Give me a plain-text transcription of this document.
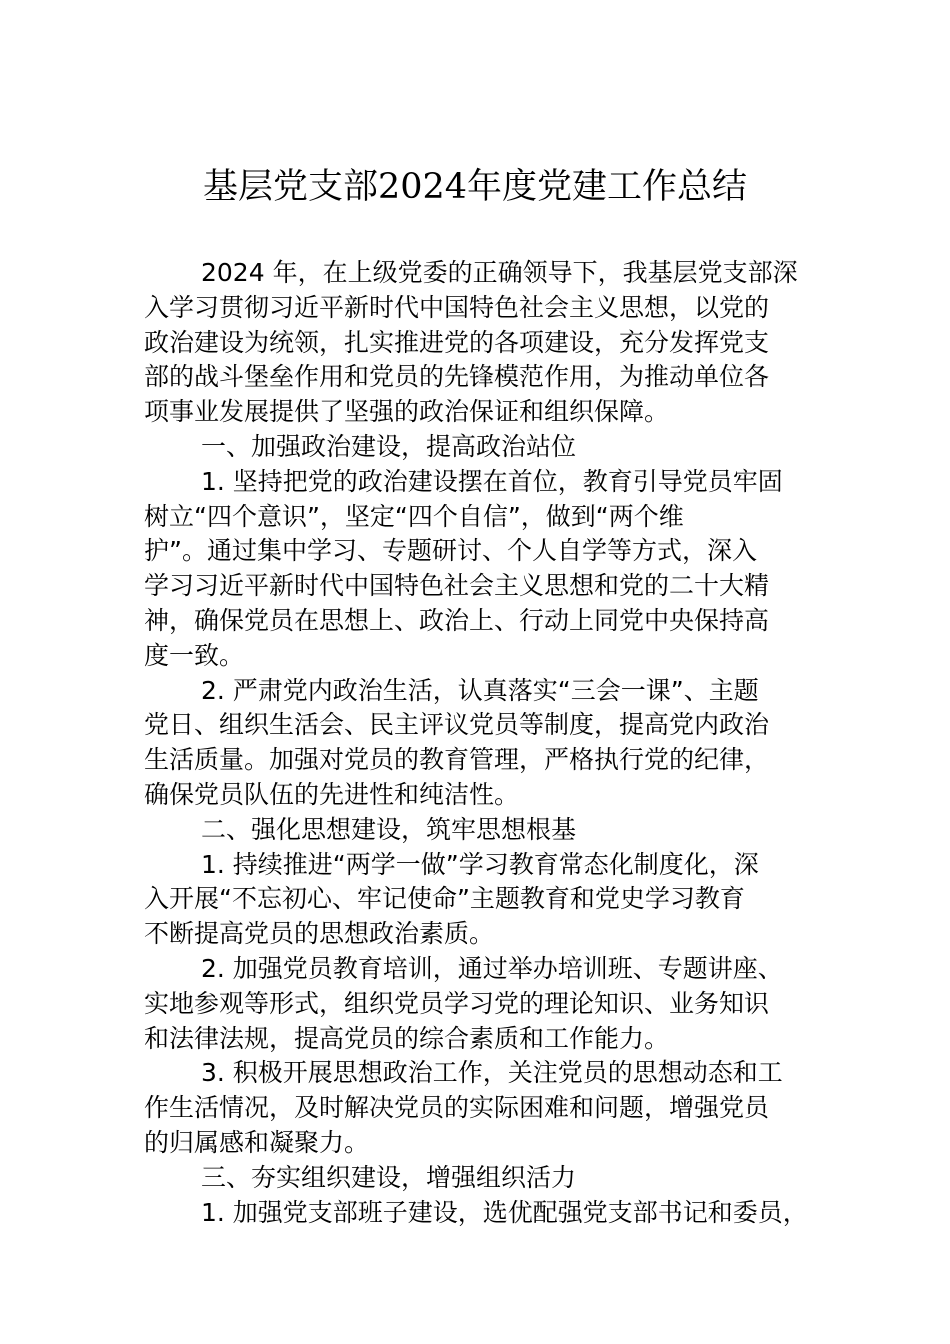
基层党支部2024年度党建工作总结
2024 年，在上级党委的正确领导下，我基层党支部深
入学习贯彻习近平新时代中国特色社会主义思想，以党的
政治建设为统领，扎实推进党的各项建设，充分发挥党支
部的战斗堡垒作用和党员的先锋模范作用，为推动单位各
项事业发展提供了坚强的政治保证和组织保障。
一、加强政治建设，提高政治站位
1. 坚持把党的政治建设摆在首位，教育引导党员牢固
树立“四个意识”，坚定“四个自信”，做到“两个维
护”。通过集中学习、专题研讨、个人自学等方式，深入
学习习近平新时代中国特色社会主义思想和党的二十大精
神，确保党员在思想上、政治上、行动上同党中央保持高
度一致。
2. 严肃党内政治生活，认真落实“三会一课”、主题
党日、组织生活会、民主评议党员等制度，提高党内政治
生活质量。加强对党员的教育管理，严格执行党的纪律，
确保党员队伍的先进性和纯洁性。
二、强化思想建设，筑牢思想根基
1. 持续推进“两学一做”学习教育常态化制度化，深
入开展“不忘初心、牢记使命”主题教育和党史学习教育
不断提高党员的思想政治素质。
2. 加强党员教育培训，通过举办培训班、专题讲座、
实地参观等形式，组织党员学习党的理论知识、业务知识
和法律法规，提高党员的综合素质和工作能力。
3. 积极开展思想政治工作，关注党员的思想动态和工
作生活情况，及时解决党员的实际困难和问题，增强党员
的归属感和凝聚力。
三、夯实组织建设，增强组织活力
1. 加强党支部班子建设，选优配强党支部书记和委员，
